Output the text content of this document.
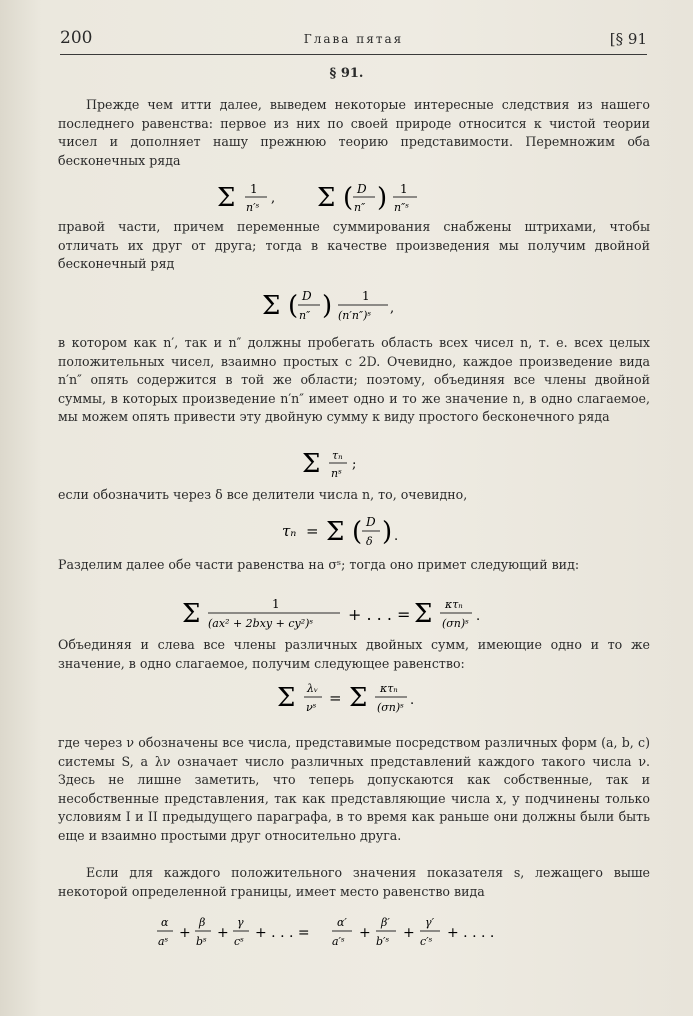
200	Глава пятая	[§ 91
§ 91.

Прежде чем итти далее, выведем некоторые интересные следствия из нашего последнего равенства: первое из них по своей природе относится к чистой теории чисел и дополняет нашу прежнюю теорию представимости. Перемножим оба бесконечных ряда

Σ 1
n′ˢ
, Σ ( D
n″ ) 1
n″ˢ

правой части, причем переменные суммирования снабжены штрихами, чтобы отличать их друг от друга; тогда в качестве произведения мы получим двойной бесконечный ряд

Σ ( D
n″ ) 1
(n′n″)ˢ ,

в котором как n′, так и n″ должны пробегать область всех чисел n, т. е. всех целых положительных чисел, взаимно простых с 2D. Очевидно, каждое произведение вида n′n″ опять содержится в той же области; поэтому, объединяя все члены двойной суммы, в которых произведение n′n″ имеет одно и то же значение n, в одно слагаемое, мы можем опять привести эту двойную сумму к виду простого бесконечного ряда

Σ τₙ
nˢ
;

если обозначить через δ все делители числа n, то, очевидно,

τₙ = Σ ( D
δ ) .

Разделим далее обе части равенства на σˢ; тогда оно примет следующий вид:

Σ	1
(ax² + 2bxy + cy²)ˢ + . . . = Σ κτₙ
(σn)ˢ .

Объединяя и слева все члены различных двойных сумм, имеющие одно и то же значение, в одно слагаемое, получим следующее равенство:

Σ λᵥ
νˢ
= Σ κτₙ
(σn)ˢ .

где через ν обозначены все числа, представимые посредством различных форм (a, b, c) системы S, а λν означает число различных представлений каждого такого числа ν. Здесь не лишне заметить, что теперь допускаются как собственные, так и несобственные представления, так как представляющие числа x, y подчинены только условиям I и II предыдущего параграфа, в то время как раньше они должны были быть еще и взаимно простыми друг относительно друга.

Если для каждого положительного значения показателя s, лежащего выше некоторой определенной границы, имеет место равенство вида

α
aˢ
+
β
bˢ
+
γ
cˢ
+ . . . =
α′
a′ˢ
+
β′
b′ˢ
+
γ′
c′ˢ
+ . . . .
